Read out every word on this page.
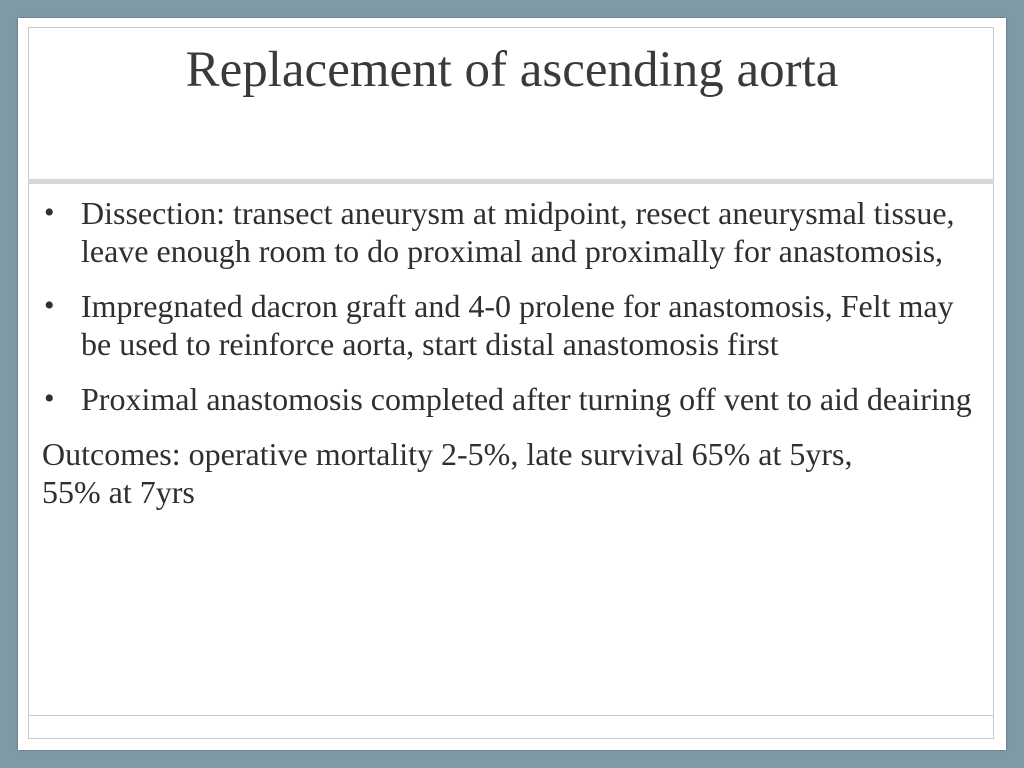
Replacement of ascending aorta
• Dissection: transect aneurysm at midpoint, resect aneurysmal tissue, leave enough room to do proximal and proximally for anastomosis,
• Impregnated dacron graft and 4-0 prolene for anastomosis, Felt may be used to reinforce aorta, start distal anastomosis first
• Proximal anastomosis completed after turning off vent to aid deairing

Outcomes: operative mortality 2-5%, late survival 65% at 5yrs, 55% at 7yrs
